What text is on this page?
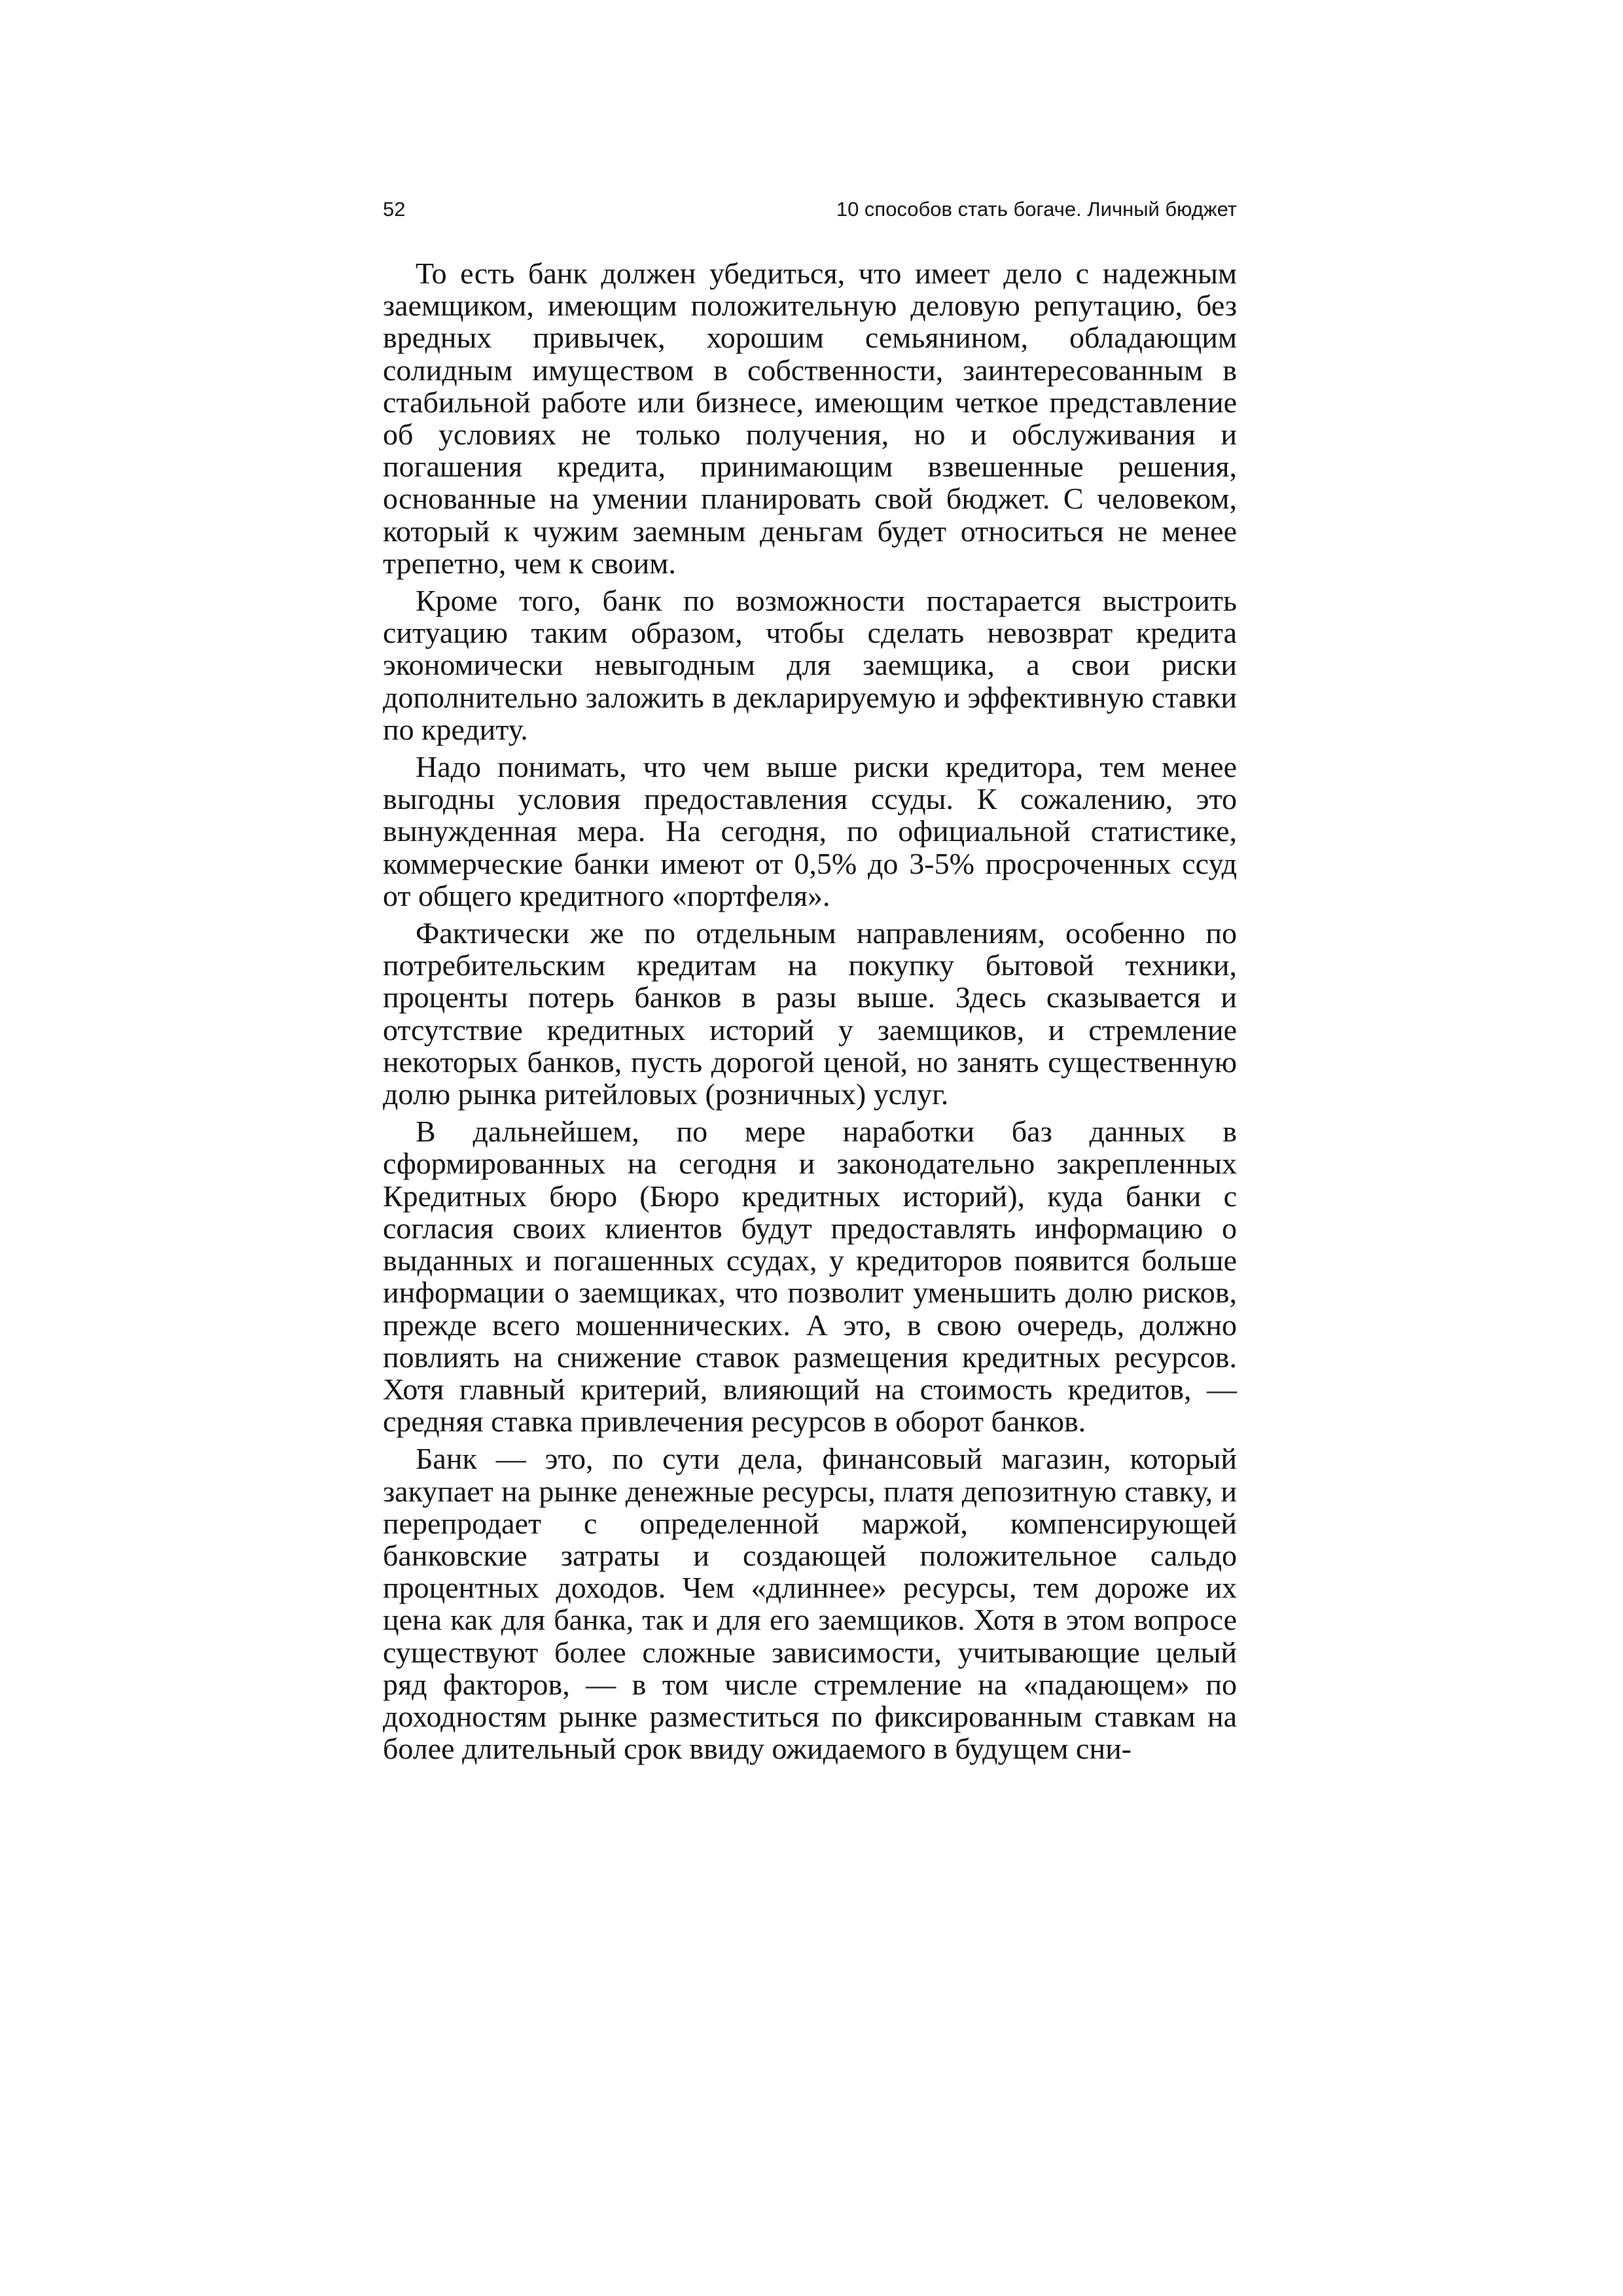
52	10 способов стать богаче. Личный бюджет

То есть банк должен убедиться, что имеет дело с надежным заемщиком, имеющим положительную деловую репутацию, без вредных привычек, хорошим семьянином, обладающим солидным имуществом в собственности, заинтересованным в стабильной работе или бизнесе, имеющим четкое представление об условиях не только получения, но и обслуживания и погашения кредита, принимающим взвешенные решения, основанные на умении планировать свой бюджет. С человеком, который к чужим заемным деньгам будет относиться не менее трепетно, чем к своим.

Кроме того, банк по возможности постарается выстроить ситуацию таким образом, чтобы сделать невозврат кредита экономически невыгодным для заемщика, а свои риски дополнительно заложить в декларируемую и эффективную ставки по кредиту.

Надо понимать, что чем выше риски кредитора, тем менее выгодны условия предоставления ссуды. К сожалению, это вынужденная мера. На сегодня, по официальной статистике, коммерческие банки имеют от 0,5% до 3-5% просроченных ссуд от общего кредитного «портфеля».

Фактически же по отдельным направлениям, особенно по потребительским кредитам на покупку бытовой техники, проценты потерь банков в разы выше. Здесь сказывается и отсутствие кредитных историй у заемщиков, и стремление некоторых банков, пусть дорогой ценой, но занять существенную долю рынка ритейловых (розничных) услуг.

В дальнейшем, по мере наработки баз данных в сформированных на сегодня и законодательно закрепленных Кредитных бюро (Бюро кредитных историй), куда банки с согласия своих клиентов будут предоставлять информацию о выданных и погашенных ссудах, у кредиторов появится больше информации о заемщиках, что позволит уменьшить долю рисков, прежде всего мошеннических. А это, в свою очередь, должно повлиять на снижение ставок размещения кредитных ресурсов. Хотя главный критерий, влияющий на стоимость кредитов, — средняя ставка привлечения ресурсов в оборот банков.

Банк — это, по сути дела, финансовый магазин, который закупает на рынке денежные ресурсы, платя депозитную ставку, и перепродает с определенной маржой, компенсирующей банковские затраты и создающей положительное сальдо процентных доходов. Чем «длиннее» ресурсы, тем дороже их цена как для банка, так и для его заемщиков. Хотя в этом вопросе существуют более сложные зависимости, учитывающие целый ряд факторов, — в том числе стремление на «падающем» по доходностям рынке разместиться по фиксированным ставкам на более длительный срок ввиду ожидаемого в будущем сни-
